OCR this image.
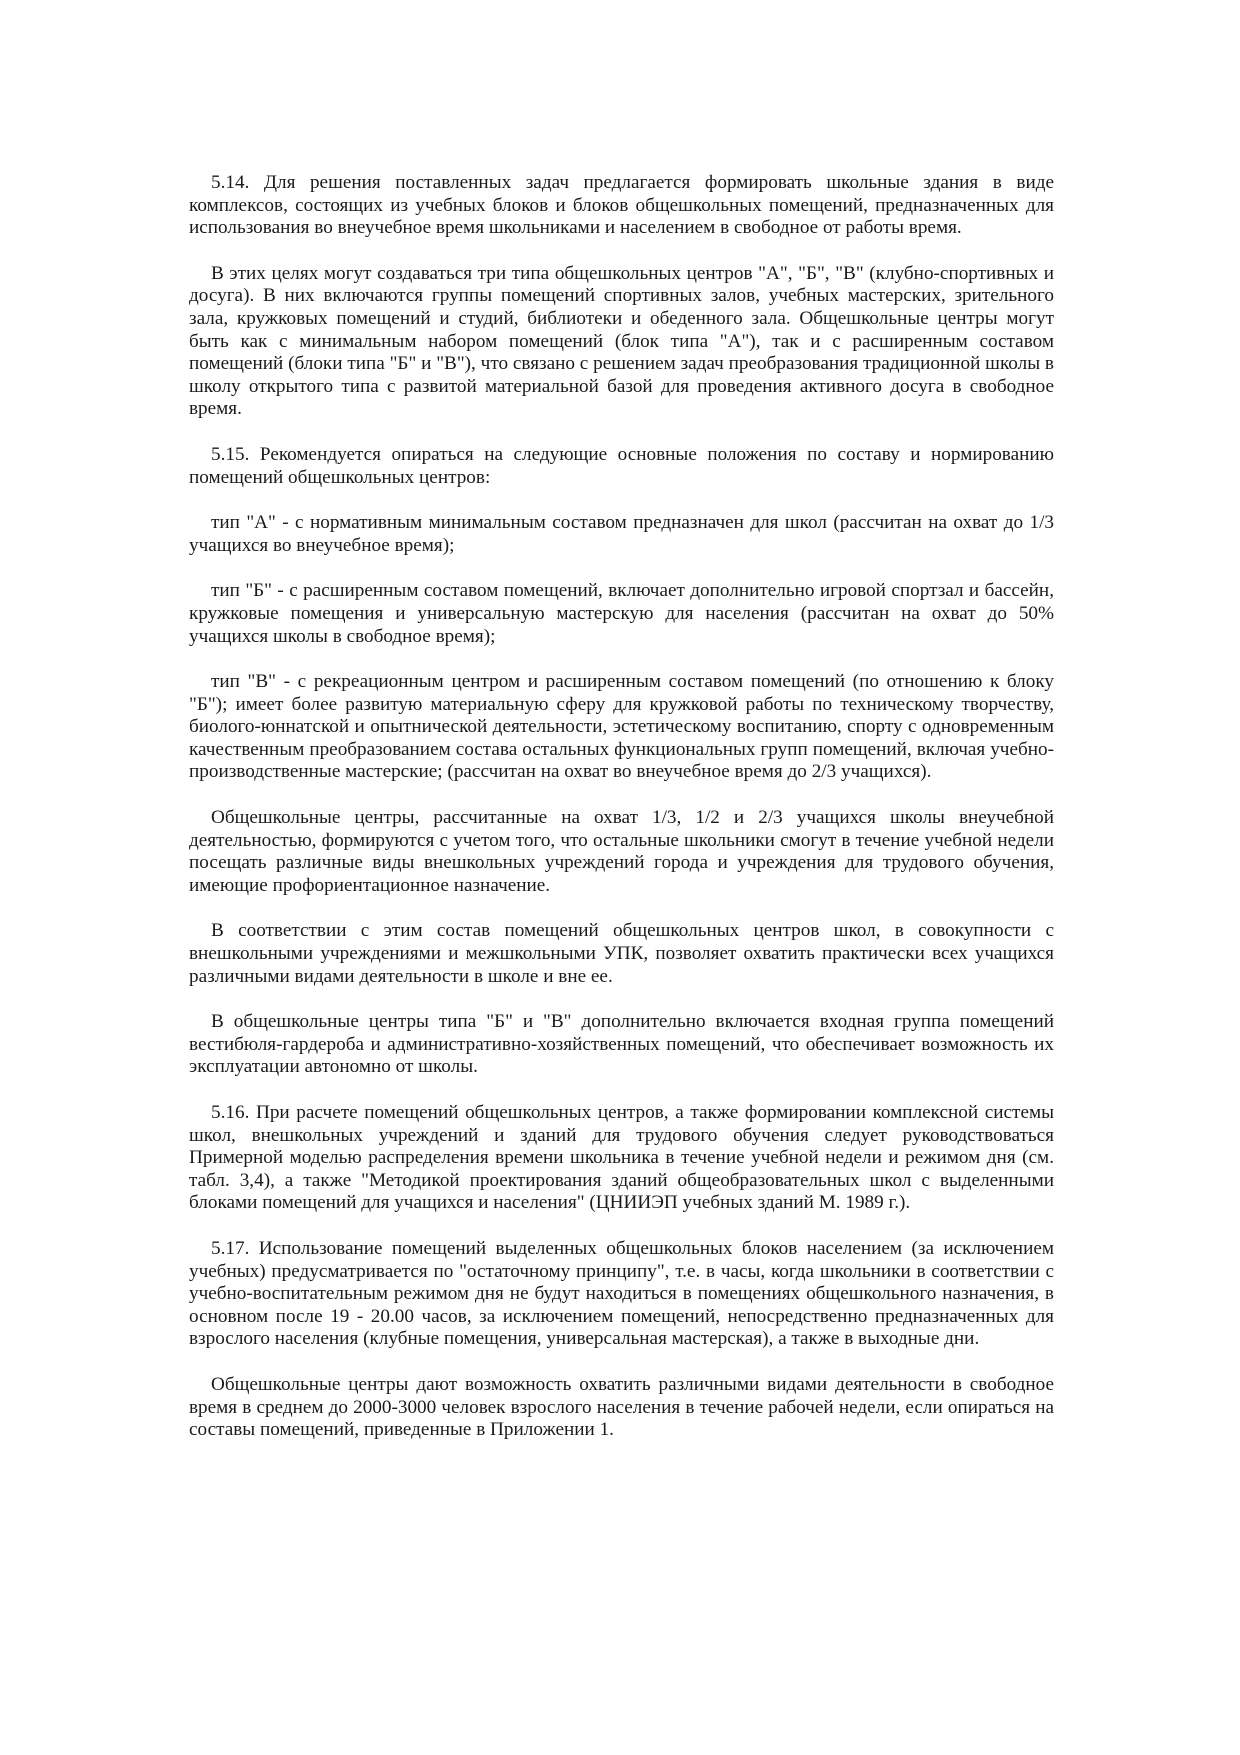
5.14. Для решения поставленных задач предлагается формировать школьные здания в виде комплексов, состоящих из учебных блоков и блоков общешкольных помещений, предназначенных для использования во внеучебное время школьниками и населением в свободное от работы время.

В этих целях могут создаваться три типа общешкольных центров "А", "Б", "В" (клубно-спортивных и досуга). В них включаются группы помещений спортивных залов, учебных мастерских, зрительного зала, кружковых помещений и студий, библиотеки и обеденного зала. Общешкольные центры могут быть как с минимальным набором помещений (блок типа "А"), так и с расширенным составом помещений (блоки типа "Б" и "В"), что связано с решением задач преобразования традиционной школы в школу открытого типа с развитой материальной базой для проведения активного досуга в свободное время.

5.15. Рекомендуется опираться на следующие основные положения по составу и нормированию помещений общешкольных центров:

тип "А" - с нормативным минимальным составом предназначен для школ (рассчитан на охват до 1/3 учащихся во внеучебное время);

тип "Б" - с расширенным составом помещений, включает дополнительно игровой спортзал и бассейн, кружковые помещения и универсальную мастерскую для населения (рассчитан на охват до 50% учащихся школы в свободное время);

тип "В" - с рекреационным центром и расширенным составом помещений (по отношению к блоку "Б"); имеет более развитую материальную сферу для кружковой работы по техническому творчеству, биолого-юннатской и опытнической деятельности, эстетическому воспитанию, спорту с одновременным качественным преобразованием состава остальных функциональных групп помещений, включая учебно-производственные мастерские; (рассчитан на охват во внеучебное время до 2/3 учащихся).

Общешкольные центры, рассчитанные на охват 1/3, 1/2 и 2/3 учащихся школы внеучебной деятельностью, формируются с учетом того, что остальные школьники смогут в течение учебной недели посещать различные виды внешкольных учреждений города и учреждения для трудового обучения, имеющие профориентационное назначение.

В соответствии с этим состав помещений общешкольных центров школ, в совокупности с внешкольными учреждениями и межшкольными УПК, позволяет охватить практически всех учащихся различными видами деятельности в школе и вне ее.

В общешкольные центры типа "Б" и "В" дополнительно включается входная группа помещений вестибюля-гардероба и административно-хозяйственных помещений, что обеспечивает возможность их эксплуатации автономно от школы.

5.16. При расчете помещений общешкольных центров, а также формировании комплексной системы школ, внешкольных учреждений и зданий для трудового обучения следует руководствоваться Примерной моделью распределения времени школьника в течение учебной недели и режимом дня (см. табл. 3,4), а также "Методикой проектирования зданий общеобразовательных школ с выделенными блоками помещений для учащихся и населения" (ЦНИИЭП учебных зданий М. 1989 г.).

5.17. Использование помещений выделенных общешкольных блоков населением (за исключением учебных) предусматривается по "остаточному принципу", т.е. в часы, когда школьники в соответствии с учебно-воспитательным режимом дня не будут находиться в помещениях общешкольного назначения, в основном после 19 - 20.00 часов, за исключением помещений, непосредственно предназначенных для взрослого населения (клубные помещения, универсальная мастерская), а также в выходные дни.

Общешкольные центры дают возможность охватить различными видами деятельности в свободное время в среднем до 2000-3000 человек взрослого населения в течение рабочей недели, если опираться на составы помещений, приведенные в Приложении 1.
